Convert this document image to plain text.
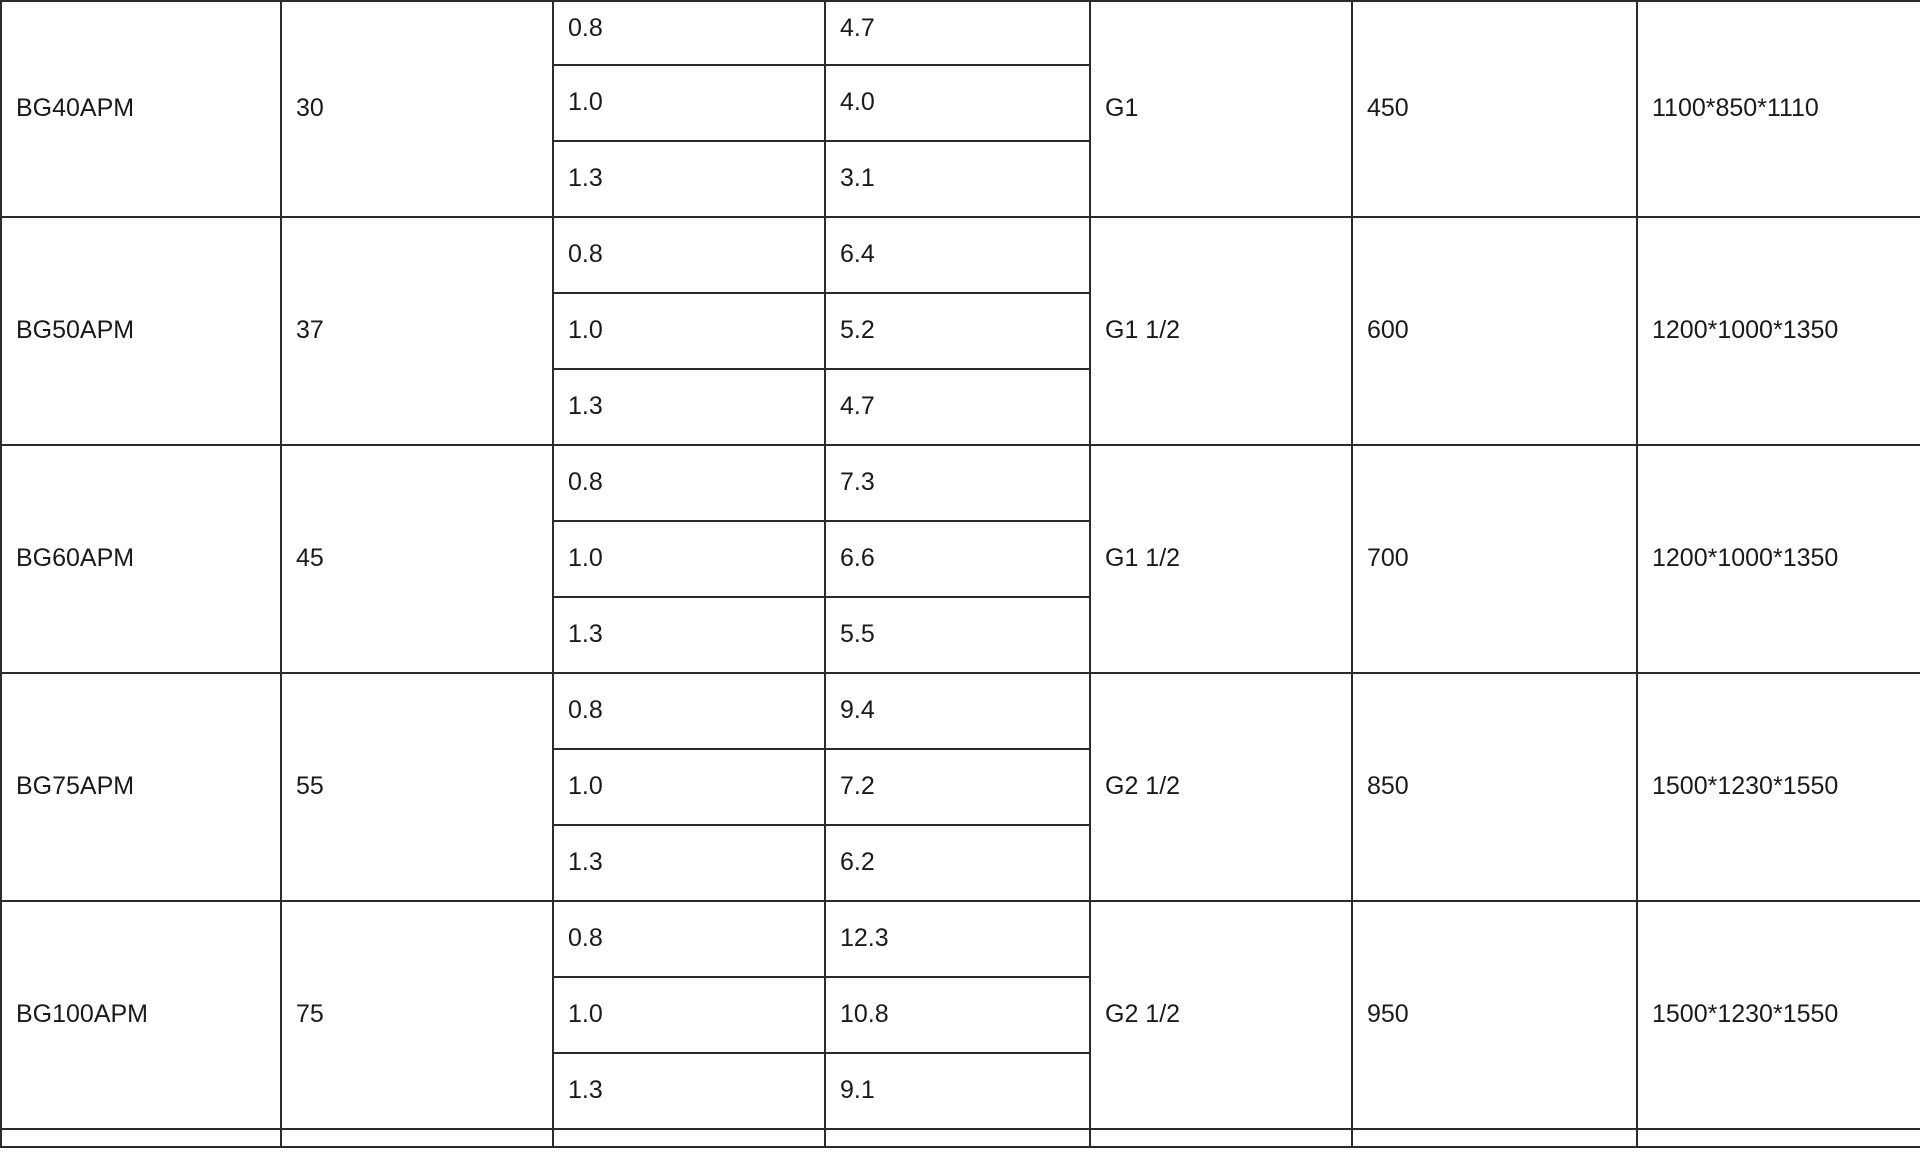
BG40APM	30	0.8	4.7	G1	450	1100*850*1110

		1.0	4.0			

		1.3	3.1			

BG50APM	37	0.8	6.4	G1 1/2	600	1200*1000*1350

		1.0	5.2			

		1.3	4.7			

BG60APM	45	0.8	7.3	G1 1/2	700	1200*1000*1350

		1.0	6.6			

		1.3	5.5			

BG75APM	55	0.8	9.4	G2 1/2	850	1500*1230*1550

		1.0	7.2			

		1.3	6.2			

BG100APM	75	0.8	12.3	G2 1/2	950	1500*1230*1550

		1.0	10.8			

		1.3	9.1			
